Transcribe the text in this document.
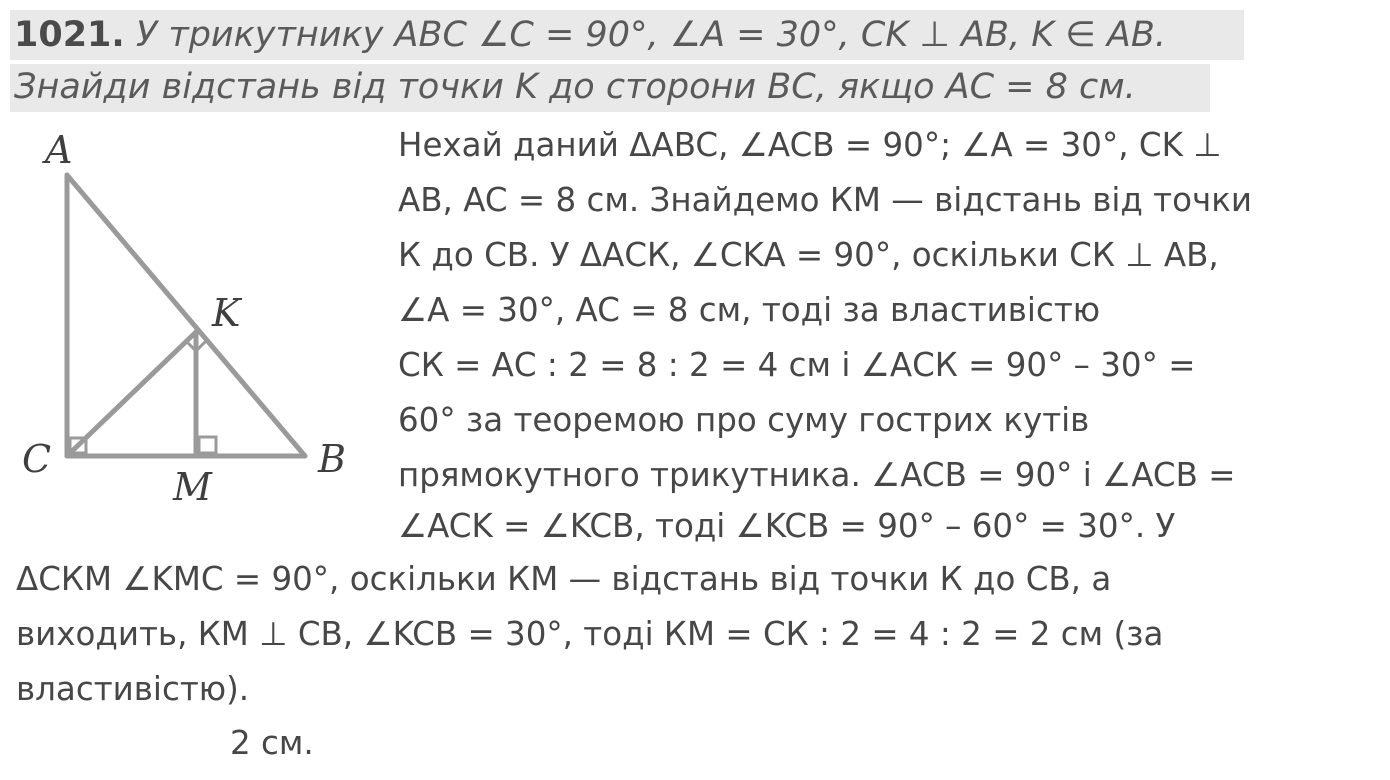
1021. У трикутнику ABC ∠C = 90°, ∠A = 30°, CK ⊥ AB, K ∈ AB.
Знайди відстань від точки K до сторони BC, якщо AC = 8 см.
A
K
C	B
M
Нехай даний ΔABC, ∠ACB = 90°; ∠A = 30°, CK ⊥
AB, AC = 8 см. Знайдемо КМ — відстань від точки
К до СВ. У ΔАСК, ∠CKA = 90°, оскільки СК ⊥ АВ,
∠A = 30°, AC = 8 см, тоді за властивістю
СК = АС : 2 = 8 : 2 = 4 см і ∠АСК = 90° – 30° =
60° за теоремою про суму гострих кутів
прямокутного трикутника. ∠ACB = 90° і ∠ACB =
∠ACK = ∠KCB, тоді ∠KCB = 90° – 60° = 30°. У
ΔСКМ ∠KMC = 90°, оскільки КМ — відстань від точки К до СВ, а
виходить, КМ ⊥ СВ, ∠KCB = 30°, тоді КМ = СК : 2 = 4 : 2 = 2 см (за
властивістю).
2 см.
